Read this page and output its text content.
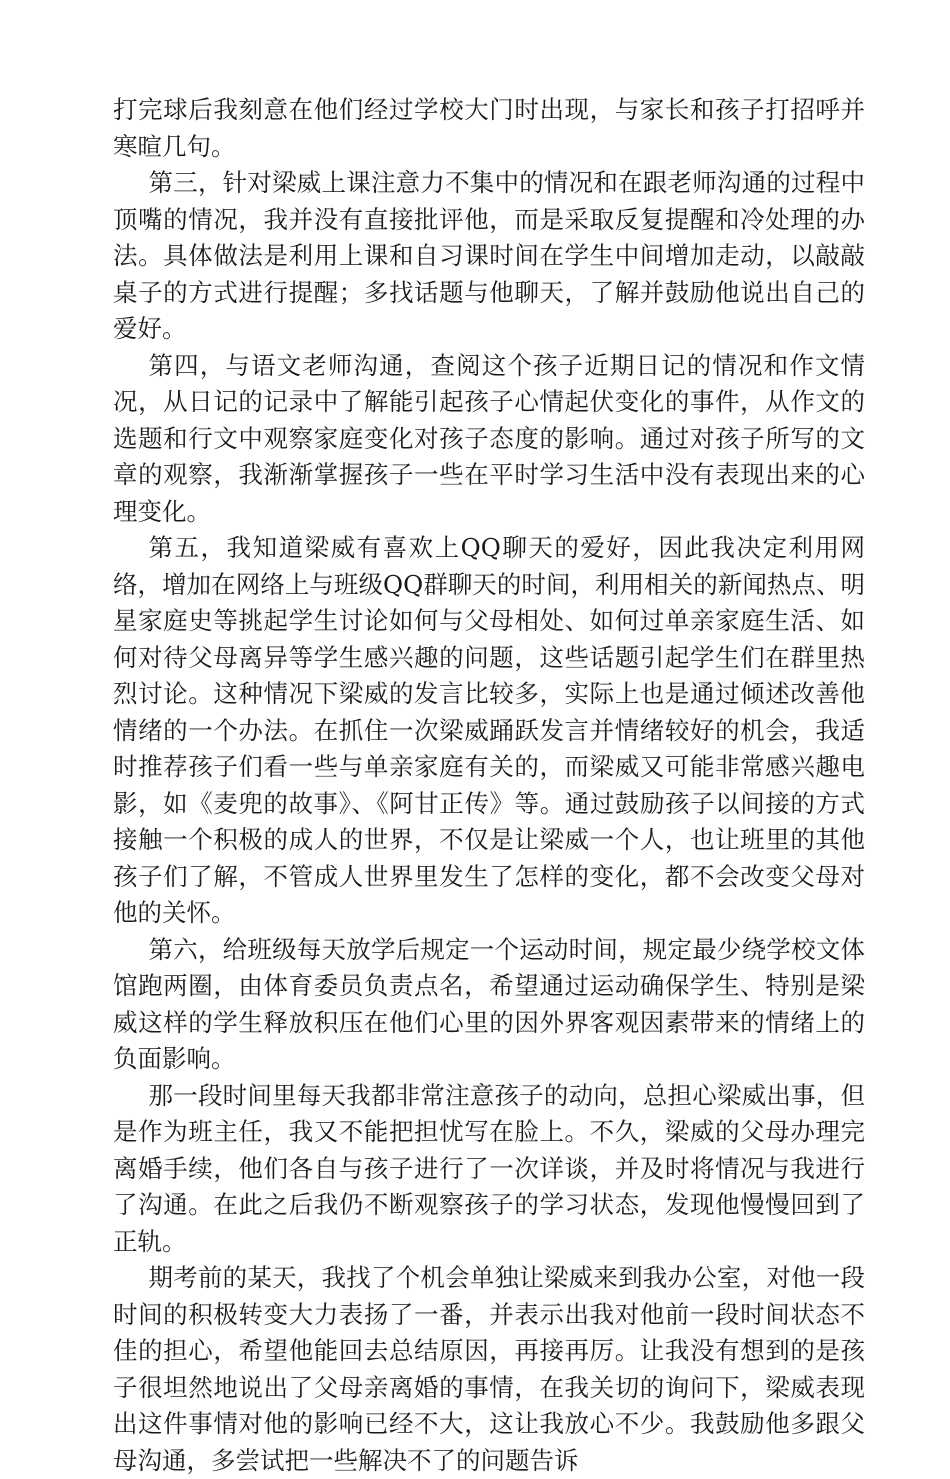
打完球后我刻意在他们经过学校大门时出现，与家长和孩子打招呼并寒暄几句。

第三，针对梁威上课注意力不集中的情况和在跟老师沟通的过程中顶嘴的情况，我并没有直接批评他，而是采取反复提醒和冷处理的办法。具体做法是利用上课和自习课时间在学生中间增加走动，以敲敲桌子的方式进行提醒；多找话题与他聊天，了解并鼓励他说出自己的爱好。

第四，与语文老师沟通，查阅这个孩子近期日记的情况和作文情况，从日记的记录中了解能引起孩子心情起伏变化的事件，从作文的选题和行文中观察家庭变化对孩子态度的影响。通过对孩子所写的文章的观察，我渐渐掌握孩子一些在平时学习生活中没有表现出来的心理变化。

第五，我知道梁威有喜欢上QQ聊天的爱好，因此我决定利用网络，增加在网络上与班级QQ群聊天的时间，利用相关的新闻热点、明星家庭史等挑起学生讨论如何与父母相处、如何过单亲家庭生活、如何对待父母离异等学生感兴趣的问题，这些话题引起学生们在群里热烈讨论。这种情况下梁威的发言比较多，实际上也是通过倾述改善他情绪的一个办法。在抓住一次梁威踊跃发言并情绪较好的机会，我适时推荐孩子们看一些与单亲家庭有关的，而梁威又可能非常感兴趣电影，如《麦兜的故事》、《阿甘正传》等。通过鼓励孩子以间接的方式接触一个积极的成人的世界，不仅是让梁威一个人，也让班里的其他孩子们了解，不管成人世界里发生了怎样的变化，都不会改变父母对他的关怀。

第六，给班级每天放学后规定一个运动时间，规定最少绕学校文体馆跑两圈，由体育委员负责点名，希望通过运动确保学生、特别是梁威这样的学生释放积压在他们心里的因外界客观因素带来的情绪上的负面影响。

那一段时间里每天我都非常注意孩子的动向，总担心梁威出事，但是作为班主任，我又不能把担忧写在脸上。不久，梁威的父母办理完离婚手续，他们各自与孩子进行了一次详谈，并及时将情况与我进行了沟通。在此之后我仍不断观察孩子的学习状态，发现他慢慢回到了正轨。

期考前的某天，我找了个机会单独让梁威来到我办公室，对他一段时间的积极转变大力表扬了一番，并表示出我对他前一段时间状态不佳的担心，希望他能回去总结原因，再接再厉。让我没有想到的是孩子很坦然地说出了父母亲离婚的事情，在我关切的询问下，梁威表现出这件事情对他的影响已经不大，这让我放心不少。我鼓励他多跟父母沟通，多尝试把一些解决不了的问题告诉
